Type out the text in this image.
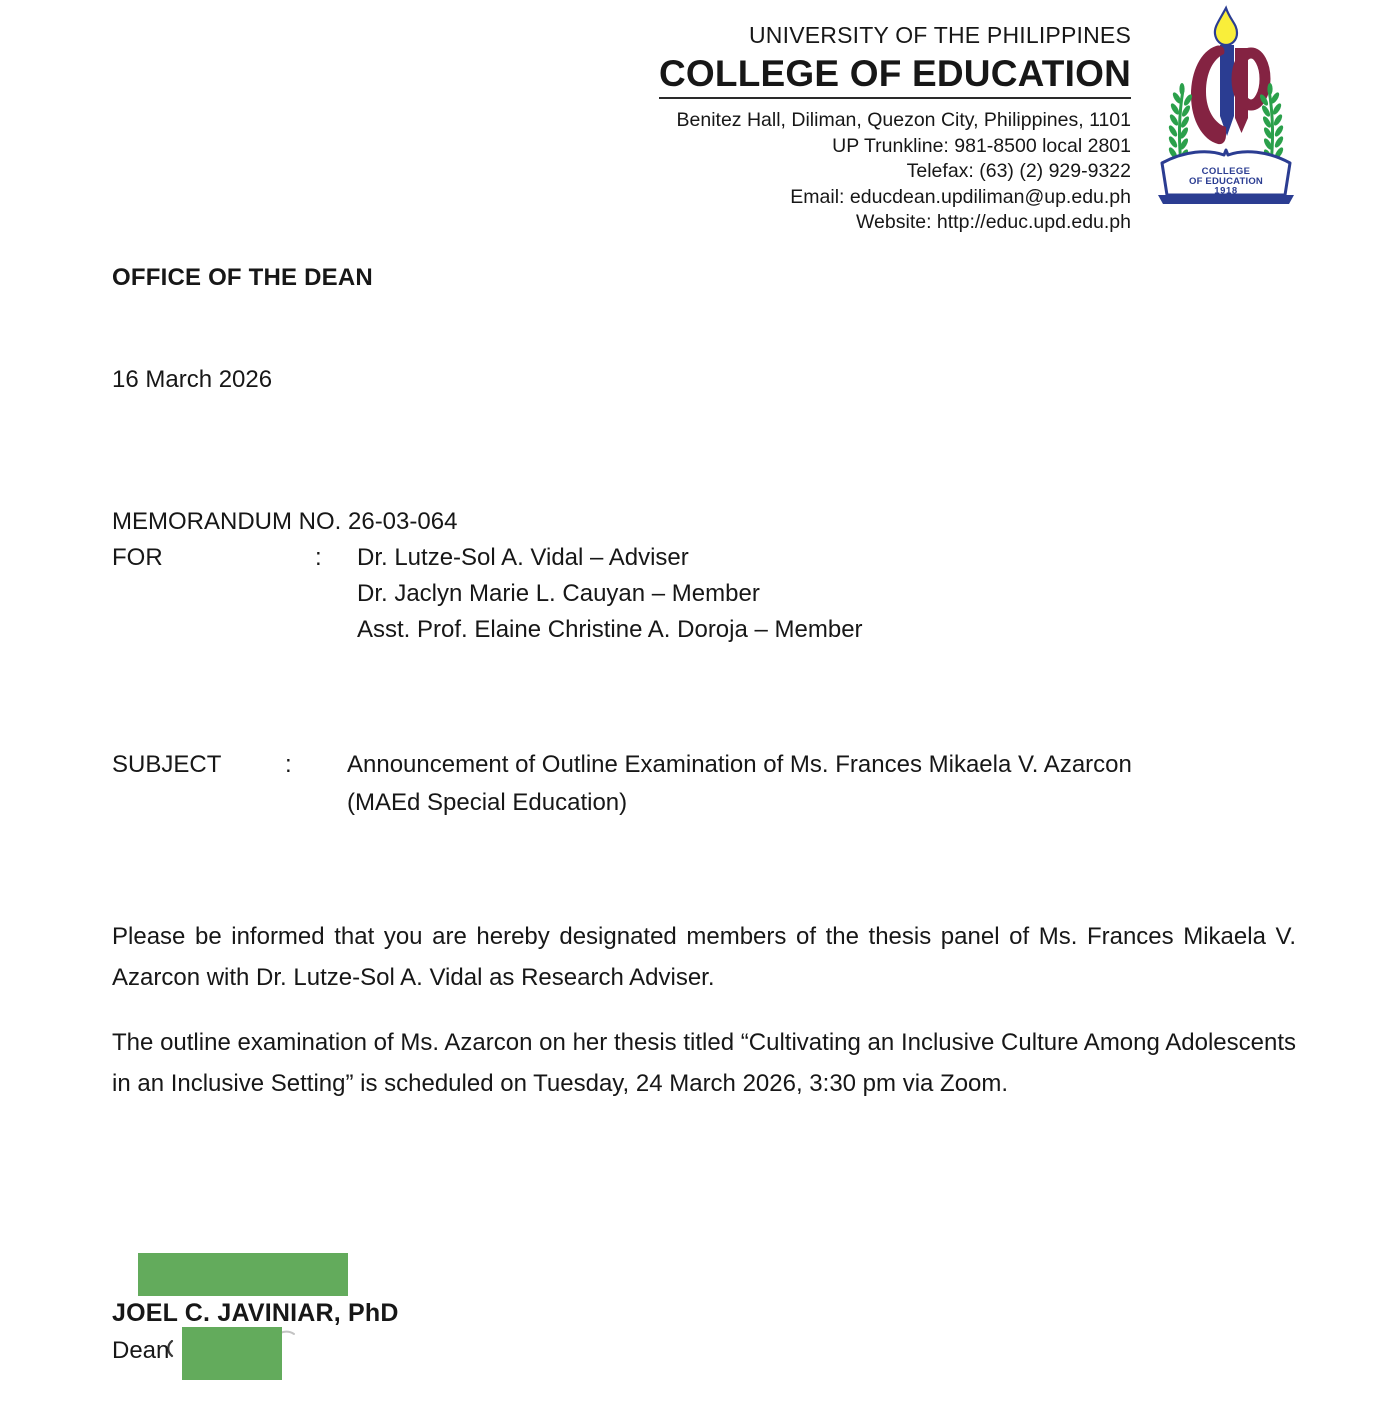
UNIVERSITY OF THE PHILIPPINES
COLLEGE OF EDUCATION
Benitez Hall, Diliman, Quezon City, Philippines, 1101
UP Trunkline: 981-8500 local 2801
Telefax: (63) (2) 929-9322
Email: educdean.updiliman@up.edu.ph
Website: http://educ.upd.edu.ph
COLLEGE
OF EDUCATION
1918
OFFICE OF THE DEAN
16 March 2026
MEMORANDUM NO. 26-03-064
FOR	:	Dr. Lutze-Sol A. Vidal – Adviser
Dr. Jaclyn Marie L. Cauyan – Member
Asst. Prof. Elaine Christine A. Doroja – Member
SUBJECT	:	Announcement of Outline Examination of Ms. Frances Mikaela V. Azarcon
(MAEd Special Education)
Please be informed that you are hereby designated members of the thesis panel of Ms. Frances Mikaela V. Azarcon with Dr. Lutze-Sol A. Vidal as Research Adviser.
The outline examination of Ms. Azarcon on her thesis titled “Cultivating an Inclusive Culture Among Adolescents in an Inclusive Setting” is scheduled on Tuesday, 24 March 2026, 3:30 pm via Zoom.
JOEL C. JAVINIAR, PhD
Dean
